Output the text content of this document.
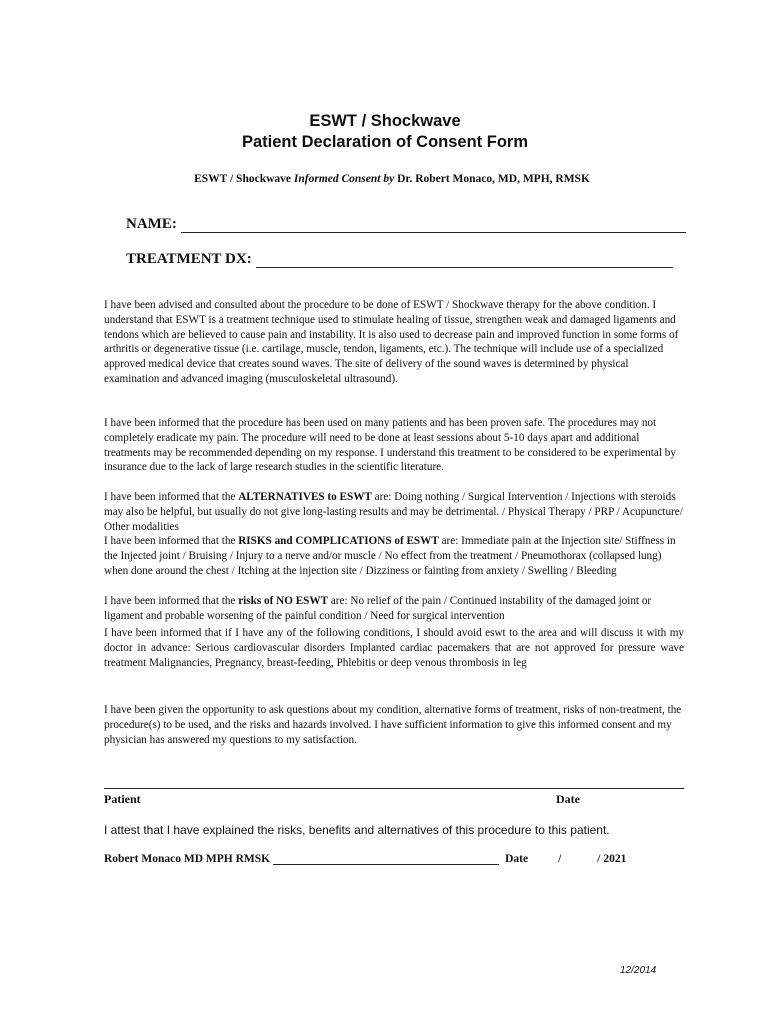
ESWT / Shockwave
Patient Declaration of Consent Form
ESWT / Shockwave Informed Consent by Dr. Robert Monaco, MD, MPH, RMSK
NAME:
TREATMENT DX:
I have been advised and consulted about the procedure to be done of ESWT / Shockwave therapy for the above condition. I understand that ESWT is a treatment technique used to stimulate healing of tissue, strengthen weak and damaged ligaments and tendons which are believed to cause pain and instability. It is also used to decrease pain and improved function in some forms of arthritis or degenerative tissue (i.e. cartilage, muscle, tendon, ligaments, etc.). The technique will include use of a specialized approved medical device that creates sound waves. The site of delivery of the sound waves is determined by physical examination and advanced imaging (musculoskeletal ultrasound).
I have been informed that the procedure has been used on many patients and has been proven safe. The procedures may not completely eradicate my pain. The procedure will need to be done at least sessions about 5-10 days apart and additional treatments may be recommended depending on my response. I understand this treatment to be considered to be experimental by insurance due to the lack of large research studies in the scientific literature.
I have been informed that the ALTERNATIVES to ESWT are: Doing nothing / Surgical Intervention / Injections with steroids may also be helpful, but usually do not give long-lasting results and may be detrimental. / Physical Therapy / PRP / Acupuncture/ Other modalities
I have been informed that the RISKS and COMPLICATIONS of ESWT are: Immediate pain at the Injection site/ Stiffness in the Injected joint / Bruising / Injury to a nerve and/or muscle / No effect from the treatment / Pneumothorax (collapsed lung) when done around the chest / Itching at the injection site / Dizziness or fainting from anxiety / Swelling / Bleeding
I have been informed that the risks of NO ESWT are: No relief of the pain / Continued instability of the damaged joint or ligament and probable worsening of the painful condition / Need for surgical intervention
I have been informed that if I have any of the following conditions, I should avoid eswt to the area and will discuss it with my doctor in advance: Serious cardiovascular disorders Implanted cardiac pacemakers that are not approved for pressure wave treatment Malignancies, Pregnancy, breast-feeding, Phlebitis or deep venous thrombosis in leg
I have been given the opportunity to ask questions about my condition, alternative forms of treatment, risks of non-treatment, the procedure(s) to be used, and the risks and hazards involved. I have sufficient information to give this informed consent and my physician has answered my questions to my satisfaction.
Patient	Date
I attest that I have explained the risks, benefits and alternatives of this procedure to this patient.
Robert Monaco MD MPH RMSK	Date	/	/ 2021
12/2014
